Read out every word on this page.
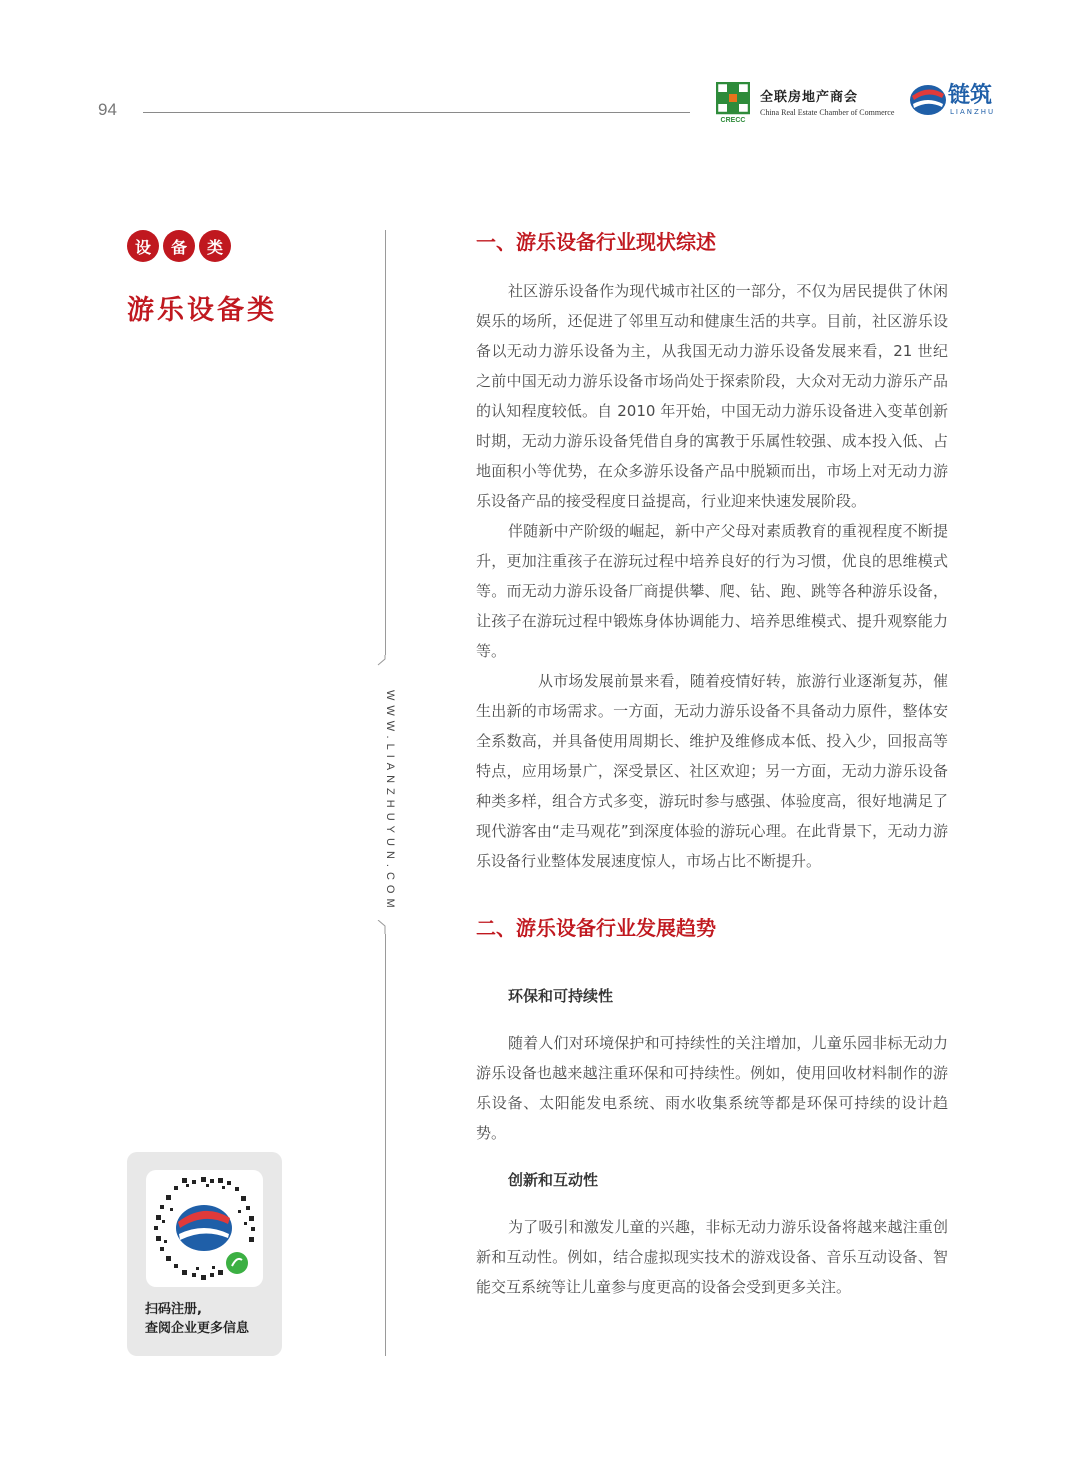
94
CRECC
全联房地产商会
China Real Estate Chamber of Commerce
链筑
LIANZHU
设	备	类
游乐设备类
WWW.LIANZHUYUN.COM
一、游乐设备行业现状综述

社区游乐设备作为现代城市社区的一部分，不仅为居民提供了休闲娱乐的场所，还促进了邻里互动和健康生活的共享。目前，社区游乐设备以无动力游乐设备为主，从我国无动力游乐设备发展来看，21 世纪之前中国无动力游乐设备市场尚处于探索阶段，大众对无动力游乐产品的认知程度较低。自 2010 年开始，中国无动力游乐设备进入变革创新时期，无动力游乐设备凭借自身的寓教于乐属性较强、成本投入低、占地面积小等优势，在众多游乐设备产品中脱颖而出，市场上对无动力游乐设备产品的接受程度日益提高，行业迎来快速发展阶段。

伴随新中产阶级的崛起，新中产父母对素质教育的重视程度不断提升，更加注重孩子在游玩过程中培养良好的行为习惯，优良的思维模式等。而无动力游乐设备厂商提供攀、爬、钻、跑、跳等各种游乐设备，让孩子在游玩过程中锻炼身体协调能力、培养思维模式、提升观察能力等。

从市场发展前景来看，随着疫情好转，旅游行业逐渐复苏，催生出新的市场需求。一方面，无动力游乐设备不具备动力原件，整体安全系数高，并具备使用周期长、维护及维修成本低、投入少，回报高等特点，应用场景广，深受景区、社区欢迎；另一方面，无动力游乐设备种类多样，组合方式多变，游玩时参与感强、体验度高，很好地满足了现代游客由“走马观花”到深度体验的游玩心理。在此背景下，无动力游乐设备行业整体发展速度惊人，市场占比不断提升。

二、游乐设备行业发展趋势
环保和可持续性

随着人们对环境保护和可持续性的关注增加，儿童乐园非标无动力游乐设备也越来越注重环保和可持续性。例如，使用回收材料制作的游乐设备、太阳能发电系统、雨水收集系统等都是环保可持续的设计趋势。

创新和互动性

为了吸引和激发儿童的兴趣，非标无动力游乐设备将越来越注重创新和互动性。例如，结合虚拟现实技术的游戏设备、音乐互动设备、智能交互系统等让儿童参与度更高的设备会受到更多关注。

扫码注册,
查阅企业更多信息
